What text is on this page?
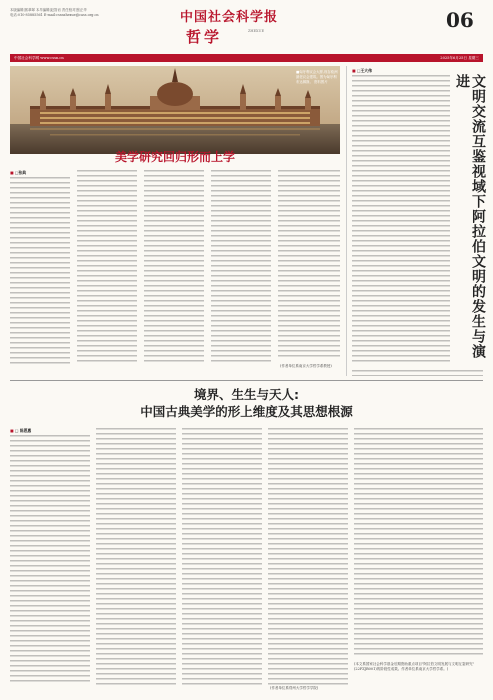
本版编辑|郭翠翠 本早编辑|赵智岩 责任校对|张正华
电话:010-85885561 E-mail:cssnzhexue@cass.org.cn	中国社会科学报
哲学	ZHEXUE	06
中国社会科学网 www.cssn.cn	2025年6月25日 星期三
■匈牙利议会大厦,现存欧洲最老议会建筑。图为匈牙利布达佩斯。 资料图片
美学研究回归形而上学
■ □张典
(作者单位系南京大学哲学系教授)
■ □王大伟
文明交流互鉴视域下阿拉伯文明的发生与演进
境界、生生与天人:
中国古典美学的形上维度及其思想根源
■ □ 陈恩惠
(作者单位系郑州大学哲学学院)
(本文系国家社会科学基金后期资助重点项目"阿拉伯文明发展与文明互鉴研究"(22FZJB001)的阶段性成果。作者单位系南京大学哲学系。)
